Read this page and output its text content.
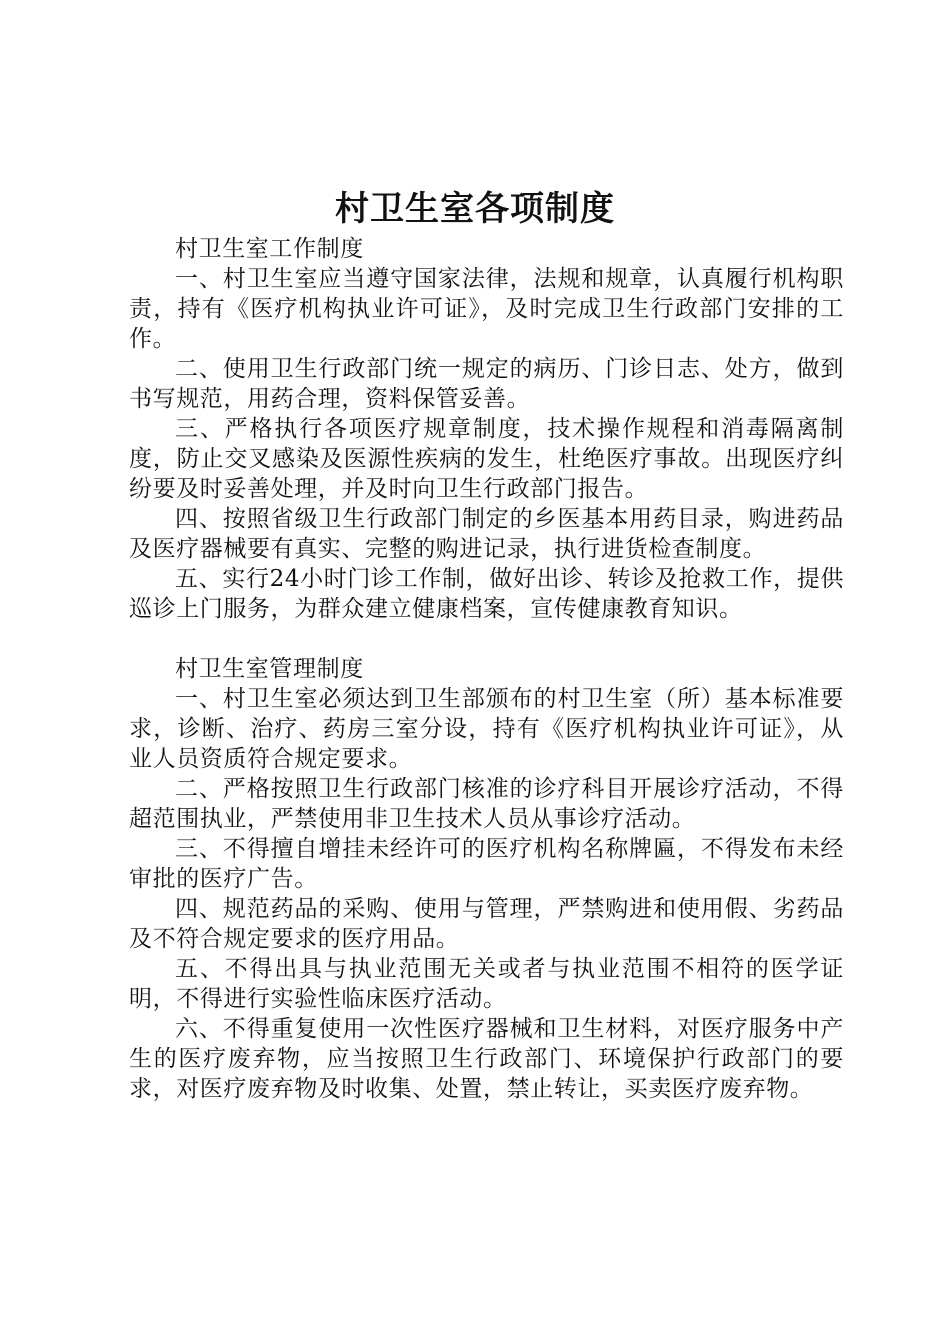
村卫生室各项制度

村卫生室工作制度

一、村卫生室应当遵守国家法律，法规和规章，认真履行机构职责，持有《医疗机构执业许可证》，及时完成卫生行政部门安排的工作。

二、使用卫生行政部门统一规定的病历、门诊日志、处方，做到书写规范，用药合理，资料保管妥善。

三、严格执行各项医疗规章制度，技术操作规程和消毒隔离制度，防止交叉感染及医源性疾病的发生，杜绝医疗事故。出现医疗纠纷要及时妥善处理，并及时向卫生行政部门报告。

四、按照省级卫生行政部门制定的乡医基本用药目录，购进药品及医疗器械要有真实、完整的购进记录，执行进货检查制度。

五、实行24小时门诊工作制，做好出诊、转诊及抢救工作，提供巡诊上门服务，为群众建立健康档案，宣传健康教育知识。

村卫生室管理制度

一、村卫生室必须达到卫生部颁布的村卫生室（所）基本标准要求，诊断、治疗、药房三室分设，持有《医疗机构执业许可证》，从业人员资质符合规定要求。

二、严格按照卫生行政部门核准的诊疗科目开展诊疗活动，不得超范围执业，严禁使用非卫生技术人员从事诊疗活动。

三、不得擅自增挂未经许可的医疗机构名称牌匾，不得发布未经审批的医疗广告。

四、规范药品的采购、使用与管理，严禁购进和使用假、劣药品及不符合规定要求的医疗用品。

五、不得出具与执业范围无关或者与执业范围不相符的医学证明，不得进行实验性临床医疗活动。

六、不得重复使用一次性医疗器械和卫生材料，对医疗服务中产生的医疗废弃物，应当按照卫生行政部门、环境保护行政部门的要求，对医疗废弃物及时收集、处置，禁止转让，买卖医疗废弃物。
